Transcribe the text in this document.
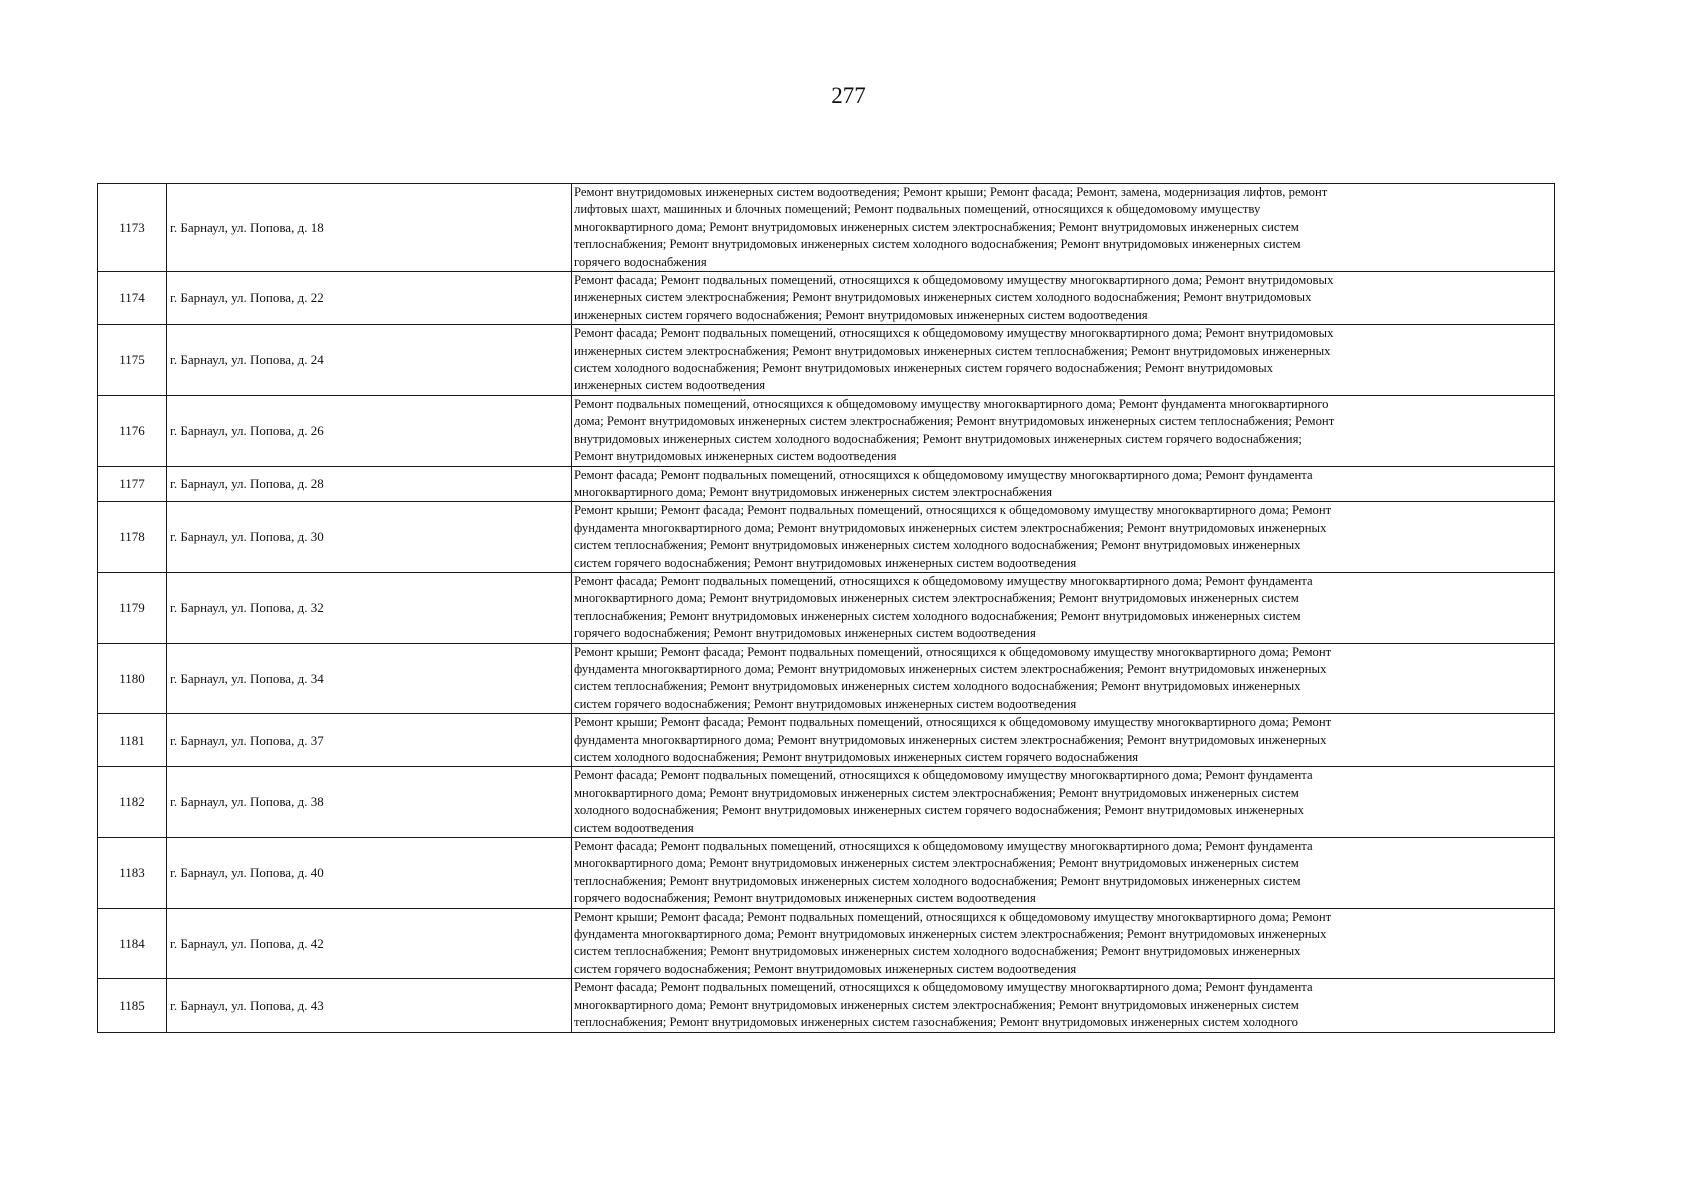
277
1173	г. Барнаул, ул. Попова, д. 18	Ремонт внутридомовых инженерных систем водоотведения; Ремонт крыши; Ремонт фасада; Ремонт, замена, модернизация лифтов, ремонт
лифтовых шахт, машинных и блочных помещений; Ремонт подвальных помещений, относящихся к общедомовому имуществу
многоквартирного дома; Ремонт внутридомовых инженерных систем электроснабжения; Ремонт внутридомовых инженерных систем
теплоснабжения; Ремонт внутридомовых инженерных систем холодного водоснабжения; Ремонт внутридомовых инженерных систем
горячего водоснабжения

1174	г. Барнаул, ул. Попова, д. 22	Ремонт фасада; Ремонт подвальных помещений, относящихся к общедомовому имуществу многоквартирного дома; Ремонт внутридомовых
инженерных систем электроснабжения; Ремонт внутридомовых инженерных систем холодного водоснабжения; Ремонт внутридомовых
инженерных систем горячего водоснабжения; Ремонт внутридомовых инженерных систем водоотведения

1175	г. Барнаул, ул. Попова, д. 24	Ремонт фасада; Ремонт подвальных помещений, относящихся к общедомовому имуществу многоквартирного дома; Ремонт внутридомовых
инженерных систем электроснабжения; Ремонт внутридомовых инженерных систем теплоснабжения; Ремонт внутридомовых инженерных
систем холодного водоснабжения; Ремонт внутридомовых инженерных систем горячего водоснабжения; Ремонт внутридомовых
инженерных систем водоотведения

1176	г. Барнаул, ул. Попова, д. 26	Ремонт подвальных помещений, относящихся к общедомовому имуществу многоквартирного дома; Ремонт фундамента многоквартирного
дома; Ремонт внутридомовых инженерных систем электроснабжения; Ремонт внутридомовых инженерных систем теплоснабжения; Ремонт
внутридомовых инженерных систем холодного водоснабжения; Ремонт внутридомовых инженерных систем горячего водоснабжения;
Ремонт внутридомовых инженерных систем водоотведения

1177	г. Барнаул, ул. Попова, д. 28	Ремонт фасада; Ремонт подвальных помещений, относящихся к общедомовому имуществу многоквартирного дома; Ремонт фундамента
многоквартирного дома; Ремонт внутридомовых инженерных систем электроснабжения

1178	г. Барнаул, ул. Попова, д. 30	Ремонт крыши; Ремонт фасада; Ремонт подвальных помещений, относящихся к общедомовому имуществу многоквартирного дома; Ремонт
фундамента многоквартирного дома; Ремонт внутридомовых инженерных систем электроснабжения; Ремонт внутридомовых инженерных
систем теплоснабжения; Ремонт внутридомовых инженерных систем холодного водоснабжения; Ремонт внутридомовых инженерных
систем горячего водоснабжения; Ремонт внутридомовых инженерных систем водоотведения

1179	г. Барнаул, ул. Попова, д. 32	Ремонт фасада; Ремонт подвальных помещений, относящихся к общедомовому имуществу многоквартирного дома; Ремонт фундамента
многоквартирного дома; Ремонт внутридомовых инженерных систем электроснабжения; Ремонт внутридомовых инженерных систем
теплоснабжения; Ремонт внутридомовых инженерных систем холодного водоснабжения; Ремонт внутридомовых инженерных систем
горячего водоснабжения; Ремонт внутридомовых инженерных систем водоотведения

1180	г. Барнаул, ул. Попова, д. 34	Ремонт крыши; Ремонт фасада; Ремонт подвальных помещений, относящихся к общедомовому имуществу многоквартирного дома; Ремонт
фундамента многоквартирного дома; Ремонт внутридомовых инженерных систем электроснабжения; Ремонт внутридомовых инженерных
систем теплоснабжения; Ремонт внутридомовых инженерных систем холодного водоснабжения; Ремонт внутридомовых инженерных
систем горячего водоснабжения; Ремонт внутридомовых инженерных систем водоотведения

1181	г. Барнаул, ул. Попова, д. 37	Ремонт крыши; Ремонт фасада; Ремонт подвальных помещений, относящихся к общедомовому имуществу многоквартирного дома; Ремонт
фундамента многоквартирного дома; Ремонт внутридомовых инженерных систем электроснабжения; Ремонт внутридомовых инженерных
систем холодного водоснабжения; Ремонт внутридомовых инженерных систем горячего водоснабжения

1182	г. Барнаул, ул. Попова, д. 38	Ремонт фасада; Ремонт подвальных помещений, относящихся к общедомовому имуществу многоквартирного дома; Ремонт фундамента
многоквартирного дома; Ремонт внутридомовых инженерных систем электроснабжения; Ремонт внутридомовых инженерных систем
холодного водоснабжения; Ремонт внутридомовых инженерных систем горячего водоснабжения; Ремонт внутридомовых инженерных
систем водоотведения

1183	г. Барнаул, ул. Попова, д. 40	Ремонт фасада; Ремонт подвальных помещений, относящихся к общедомовому имуществу многоквартирного дома; Ремонт фундамента
многоквартирного дома; Ремонт внутридомовых инженерных систем электроснабжения; Ремонт внутридомовых инженерных систем
теплоснабжения; Ремонт внутридомовых инженерных систем холодного водоснабжения; Ремонт внутридомовых инженерных систем
горячего водоснабжения; Ремонт внутридомовых инженерных систем водоотведения

1184	г. Барнаул, ул. Попова, д. 42	Ремонт крыши; Ремонт фасада; Ремонт подвальных помещений, относящихся к общедомовому имуществу многоквартирного дома; Ремонт
фундамента многоквартирного дома; Ремонт внутридомовых инженерных систем электроснабжения; Ремонт внутридомовых инженерных
систем теплоснабжения; Ремонт внутридомовых инженерных систем холодного водоснабжения; Ремонт внутридомовых инженерных
систем горячего водоснабжения; Ремонт внутридомовых инженерных систем водоотведения

1185	г. Барнаул, ул. Попова, д. 43	Ремонт фасада; Ремонт подвальных помещений, относящихся к общедомовому имуществу многоквартирного дома; Ремонт фундамента
многоквартирного дома; Ремонт внутридомовых инженерных систем электроснабжения; Ремонт внутридомовых инженерных систем
теплоснабжения; Ремонт внутридомовых инженерных систем газоснабжения; Ремонт внутридомовых инженерных систем холодного
